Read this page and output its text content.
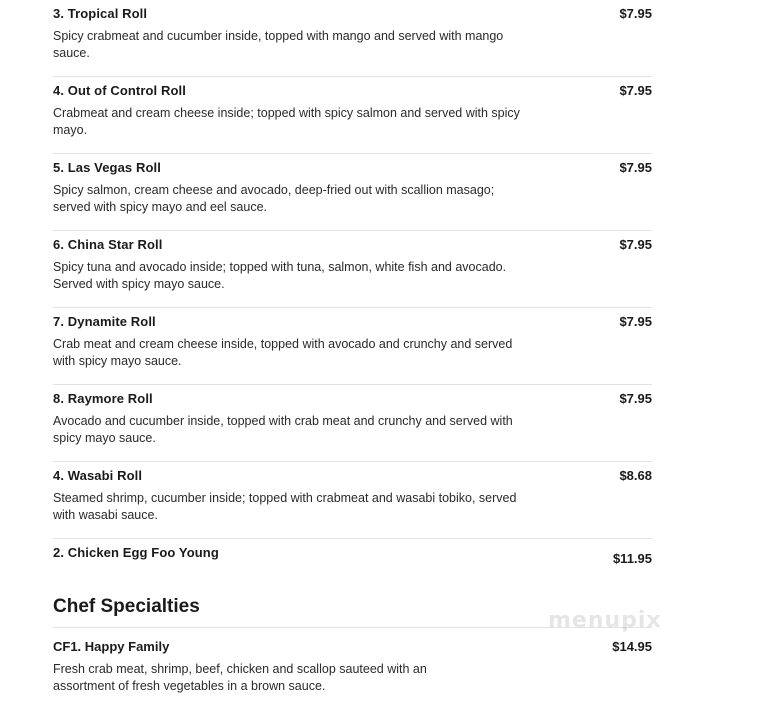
3. Tropical Roll	$7.95
Spicy crabmeat and cucumber inside, topped with mango and served with mango sauce.
4. Out of Control Roll	$7.95
Crabmeat and cream cheese inside; topped with spicy salmon and served with spicy mayo.
5. Las Vegas Roll	$7.95
Spicy salmon, cream cheese and avocado, deep-fried out with scallion masago; served with spicy mayo and eel sauce.
6. China Star Roll	$7.95
Spicy tuna and avocado inside; topped with tuna, salmon, white fish and avocado. Served with spicy mayo sauce.
7. Dynamite Roll	$7.95
Crab meat and cream cheese inside, topped with avocado and crunchy and served with spicy mayo sauce.
8. Raymore Roll	$7.95
Avocado and cucumber inside, topped with crab meat and crunchy and served with spicy mayo sauce.
4. Wasabi Roll	$8.68
Steamed shrimp, cucumber inside; topped with crabmeat and wasabi tobiko, served with wasabi sauce.
2. Chicken Egg Foo Young	$11.95
Chef Specialties
menupix
CF1. Happy Family	$14.95
Fresh crab meat, shrimp, beef, chicken and scallop sauteed with an assortment of fresh vegetables in a brown sauce.
